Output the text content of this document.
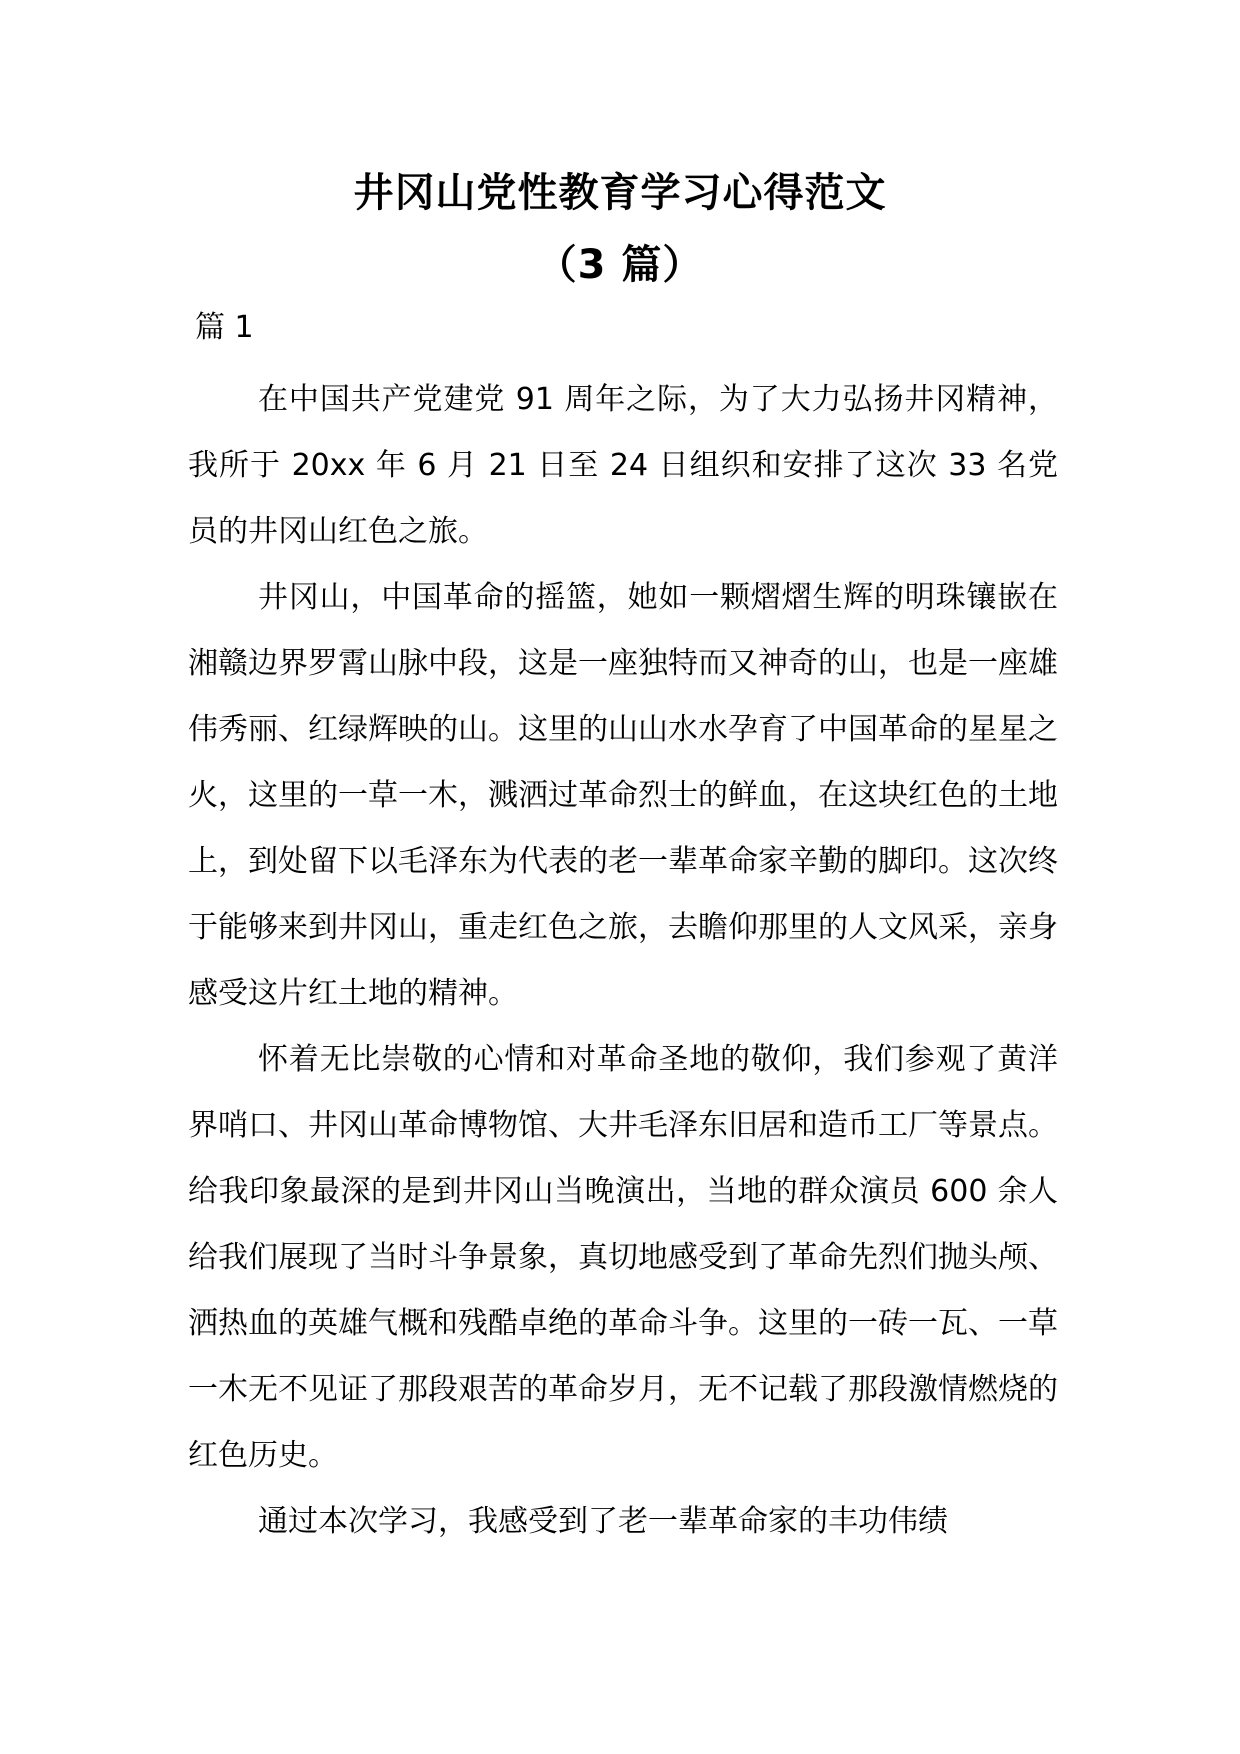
井冈山党性教育学习心得范文
（3 篇）

篇 1

在中国共产党建党 91 周年之际，为了大力弘扬井冈精神，我所于 20xx 年 6 月 21 日至 24 日组织和安排了这次 33 名党员的井冈山红色之旅。

井冈山，中国革命的摇篮，她如一颗熠熠生辉的明珠镶嵌在湘赣边界罗霄山脉中段，这是一座独特而又神奇的山，也是一座雄伟秀丽、红绿辉映的山。这里的山山水水孕育了中国革命的星星之火，这里的一草一木，溅洒过革命烈士的鲜血，在这块红色的土地上，到处留下以毛泽东为代表的老一辈革命家辛勤的脚印。这次终于能够来到井冈山，重走红色之旅，去瞻仰那里的人文风采，亲身感受这片红土地的精神。

怀着无比崇敬的心情和对革命圣地的敬仰，我们参观了黄洋界哨口、井冈山革命博物馆、大井毛泽东旧居和造币工厂等景点。给我印象最深的是到井冈山当晚演出，当地的群众演员 600 余人给我们展现了当时斗争景象，真切地感受到了革命先烈们抛头颅、洒热血的英雄气概和残酷卓绝的革命斗争。这里的一砖一瓦、一草一木无不见证了那段艰苦的革命岁月，无不记载了那段激情燃烧的红色历史。

通过本次学习，我感受到了老一辈革命家的丰功伟绩
